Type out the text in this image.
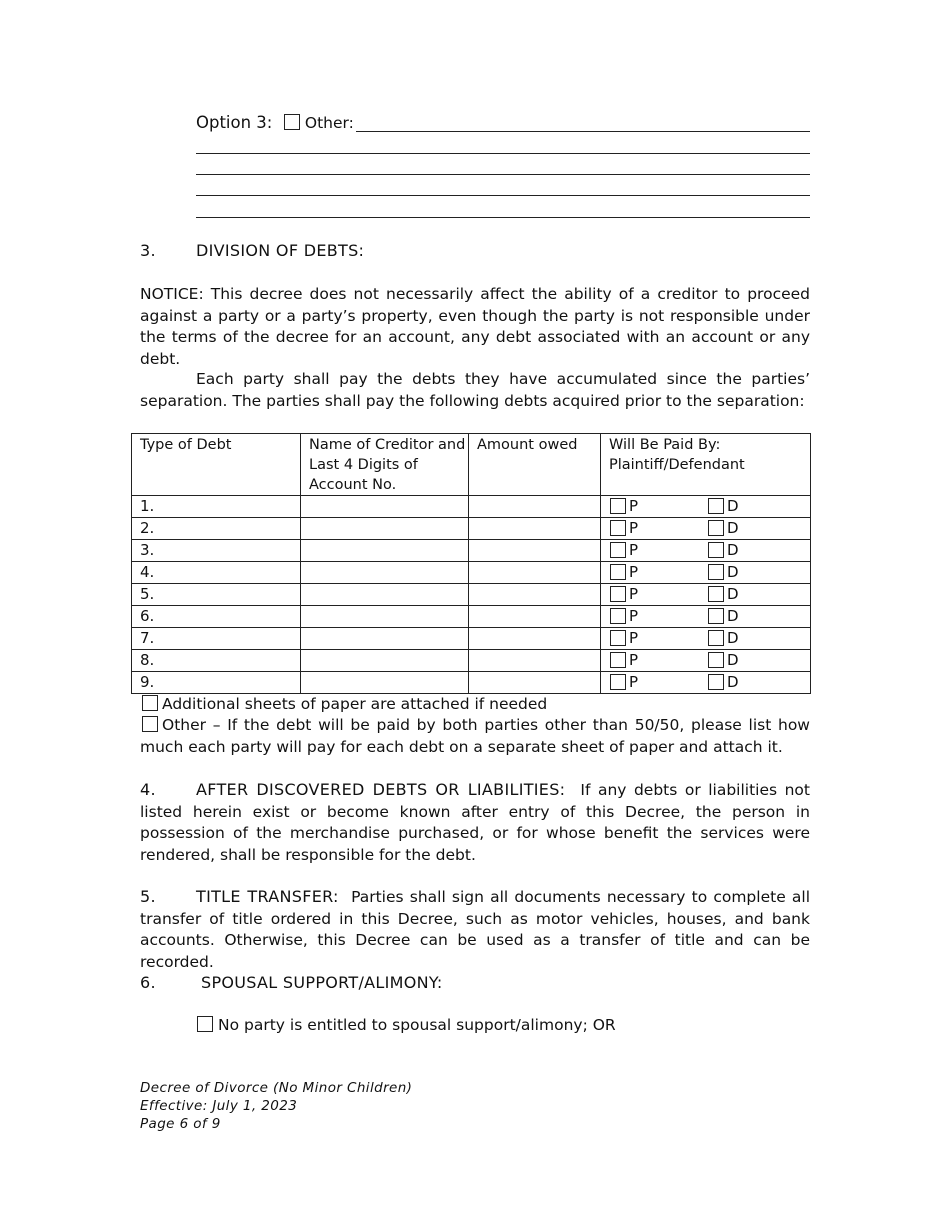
Option 3: Other:
3.	DIVISION OF DEBTS:
NOTICE: This decree does not necessarily affect the ability of a creditor to proceed against a party or a party’s property, even though the party is not responsible under the terms of the decree for an account, any debt associated with an account or any debt.
Each party shall pay the debts they have accumulated since the parties’ separation. The parties shall pay the following debts acquired prior to the separation:
Type of Debt	Name of Creditor and Last 4 Digits of Account No.	Amount owed	Will Be Paid By: Plaintiff/Defendant
1.			P D

2.			P D

3.			P D

4.			P D

5.			P D

6.			P D

7.			P D

8.			P D

9.			P D
Additional sheets of paper are attached if needed
Other – If the debt will be paid by both parties other than 50/50, please list how much each party will pay for each debt on a separate sheet of paper and attach it.
4.	AFTER DISCOVERED DEBTS OR LIABILITIES: If any debts or liabilities not listed herein exist or become known after entry of this Decree, the person in possession of the merchandise purchased, or for whose benefit the services were rendered, shall be responsible for the debt.
5.	TITLE TRANSFER: Parties shall sign all documents necessary to complete all transfer of title ordered in this Decree, such as motor vehicles, houses, and bank accounts. Otherwise, this Decree can be used as a transfer of title and can be recorded.
6.	SPOUSAL SUPPORT/ALIMONY:
No party is entitled to spousal support/alimony; OR
Decree of Divorce (No Minor Children)
Effective: July 1, 2023
Page 6 of 9
